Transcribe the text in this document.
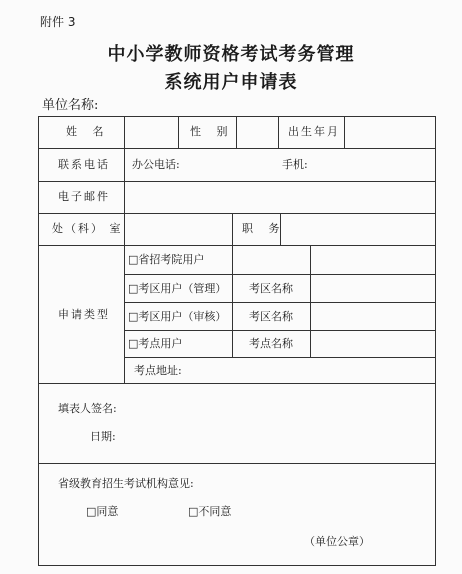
附件 3
中小学教师资格考试考务管理
系统用户申请表
单位名称:
姓 名	性 别	出生年月
联系电话 办公电话:	手机:
电子邮件
处（科） 室	职 务
申请类型
□省招考院用户
□考区用户（管理） 考区名称
□考区用户（审核） 考区名称
□考点用户	考点名称
考点地址:
填表人签名:
日期:
省级教育招生考试机构意见:
□同意	□不同意
（单位公章）
